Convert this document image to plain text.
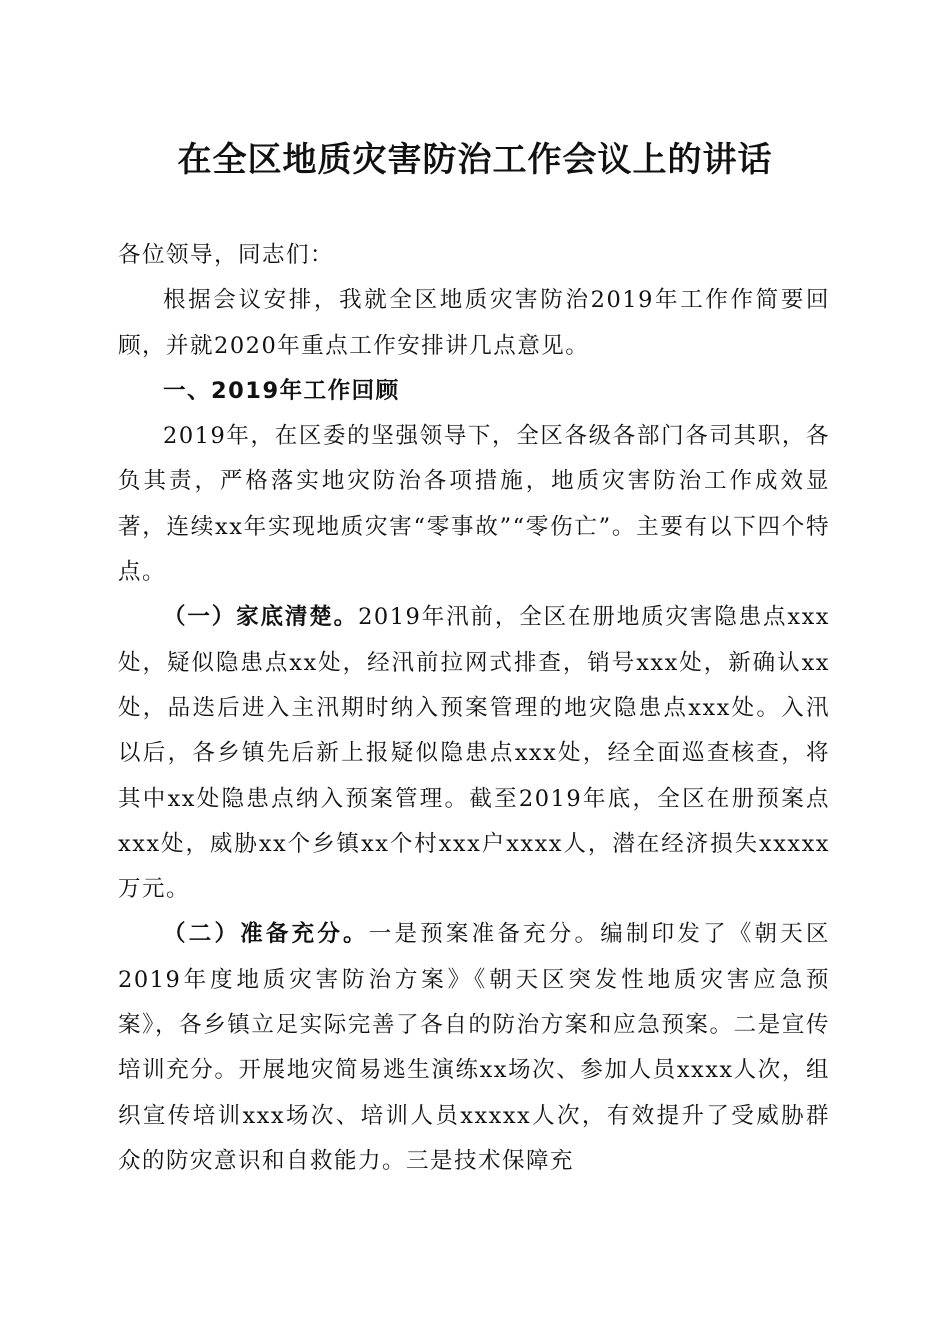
在全区地质灾害防治工作会议上的讲话

各位领导，同志们：

根据会议安排，我就全区地质灾害防治2019年工作作简要回顾，并就2020年重点工作安排讲几点意见。

一、2019年工作回顾

2019年，在区委的坚强领导下，全区各级各部门各司其职，各负其责，严格落实地灾防治各项措施，地质灾害防治工作成效显著，连续xx年实现地质灾害“零事故”“零伤亡”。主要有以下四个特点。

（一）家底清楚。2019年汛前，全区在册地质灾害隐患点xxx处，疑似隐患点xx处，经汛前拉网式排查，销号xxx处，新确认xx处，品迭后进入主汛期时纳入预案管理的地灾隐患点xxx处。入汛以后，各乡镇先后新上报疑似隐患点xxx处，经全面巡查核查，将其中xx处隐患点纳入预案管理。截至2019年底，全区在册预案点xxx处，威胁xx个乡镇xx个村xxx户xxxx人，潜在经济损失xxxxx万元。

（二）准备充分。一是预案准备充分。编制印发了《朝天区2019年度地质灾害防治方案》《朝天区突发性地质灾害应急预案》，各乡镇立足实际完善了各自的防治方案和应急预案。二是宣传培训充分。开展地灾简易逃生演练xx场次、参加人员xxxx人次，组织宣传培训xxx场次、培训人员xxxxx人次，有效提升了受威胁群众的防灾意识和自救能力。三是技术保障充
